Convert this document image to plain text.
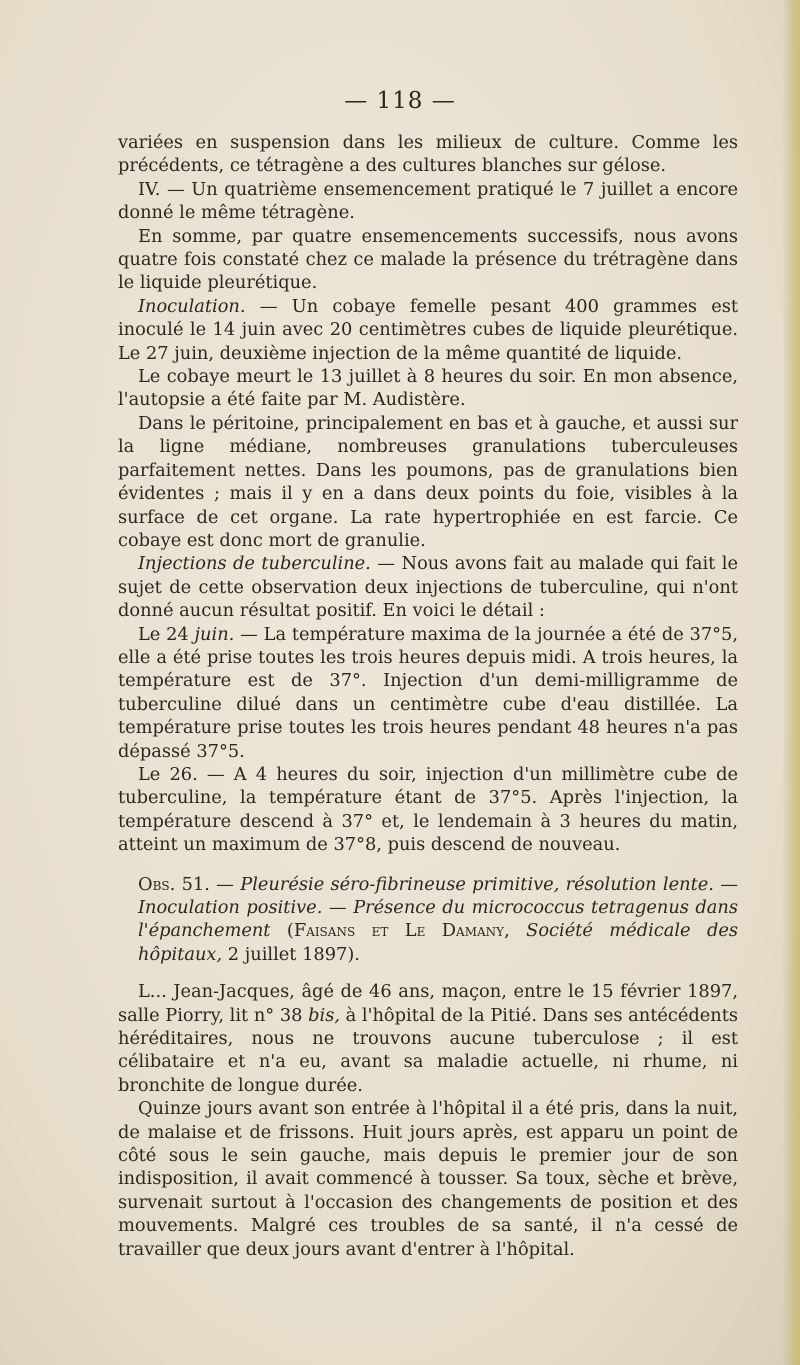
— 118 —

variées en suspension dans les milieux de culture. Comme les précédents, ce tétragène a des cultures blanches sur gélose.

IV. — Un quatrième ensemencement pratiqué le 7 juillet a encore donné le même tétragène.

En somme, par quatre ensemencements successifs, nous avons quatre fois constaté chez ce malade la présence du trétragène dans le liquide pleurétique.

Inoculation. — Un cobaye femelle pesant 400 grammes est inoculé le 14 juin avec 20 centimètres cubes de liquide pleurétique. Le 27 juin, deuxième injection de la même quantité de liquide.

Le cobaye meurt le 13 juillet à 8 heures du soir. En mon absence, l'autopsie a été faite par M. Audistère.

Dans le péritoine, principalement en bas et à gauche, et aussi sur la ligne médiane, nombreuses granulations tuberculeuses parfaitement nettes. Dans les poumons, pas de granulations bien évidentes ; mais il y en a dans deux points du foie, visibles à la surface de cet organe. La rate hypertrophiée en est farcie. Ce cobaye est donc mort de granulie.

Injections de tuberculine. — Nous avons fait au malade qui fait le sujet de cette observation deux injections de tuberculine, qui n'ont donné aucun résultat positif. En voici le détail :

Le 24 juin. — La température maxima de la journée a été de 37°5, elle a été prise toutes les trois heures depuis midi. A trois heures, la température est de 37°. Injection d'un demi-milligramme de tuberculine dilué dans un centimètre cube d'eau distillée. La température prise toutes les trois heures pendant 48 heures n'a pas dépassé 37°5.

Le 26. — A 4 heures du soir, injection d'un millimètre cube de tuberculine, la température étant de 37°5. Après l'injection, la température descend à 37° et, le lendemain à 3 heures du matin, atteint un maximum de 37°8, puis descend de nouveau.

Obs. 51. — Pleurésie séro-fibrineuse primitive, résolution lente. — Inoculation positive. — Présence du micrococcus tetragenus dans l'épanchement (Faisans et Le Damany, Société médicale des hôpitaux, 2 juillet 1897).

L... Jean-Jacques, âgé de 46 ans, maçon, entre le 15 février 1897, salle Piorry, lit n° 38 bis, à l'hôpital de la Pitié. Dans ses antécédents héréditaires, nous ne trouvons aucune tuberculose ; il est célibataire et n'a eu, avant sa maladie actuelle, ni rhume, ni bronchite de longue durée.

Quinze jours avant son entrée à l'hôpital il a été pris, dans la nuit, de malaise et de frissons. Huit jours après, est apparu un point de côté sous le sein gauche, mais depuis le premier jour de son indisposition, il avait commencé à tousser. Sa toux, sèche et brève, survenait surtout à l'occasion des changements de position et des mouvements. Malgré ces troubles de sa santé, il n'a cessé de travailler que deux jours avant d'entrer à l'hôpital.
